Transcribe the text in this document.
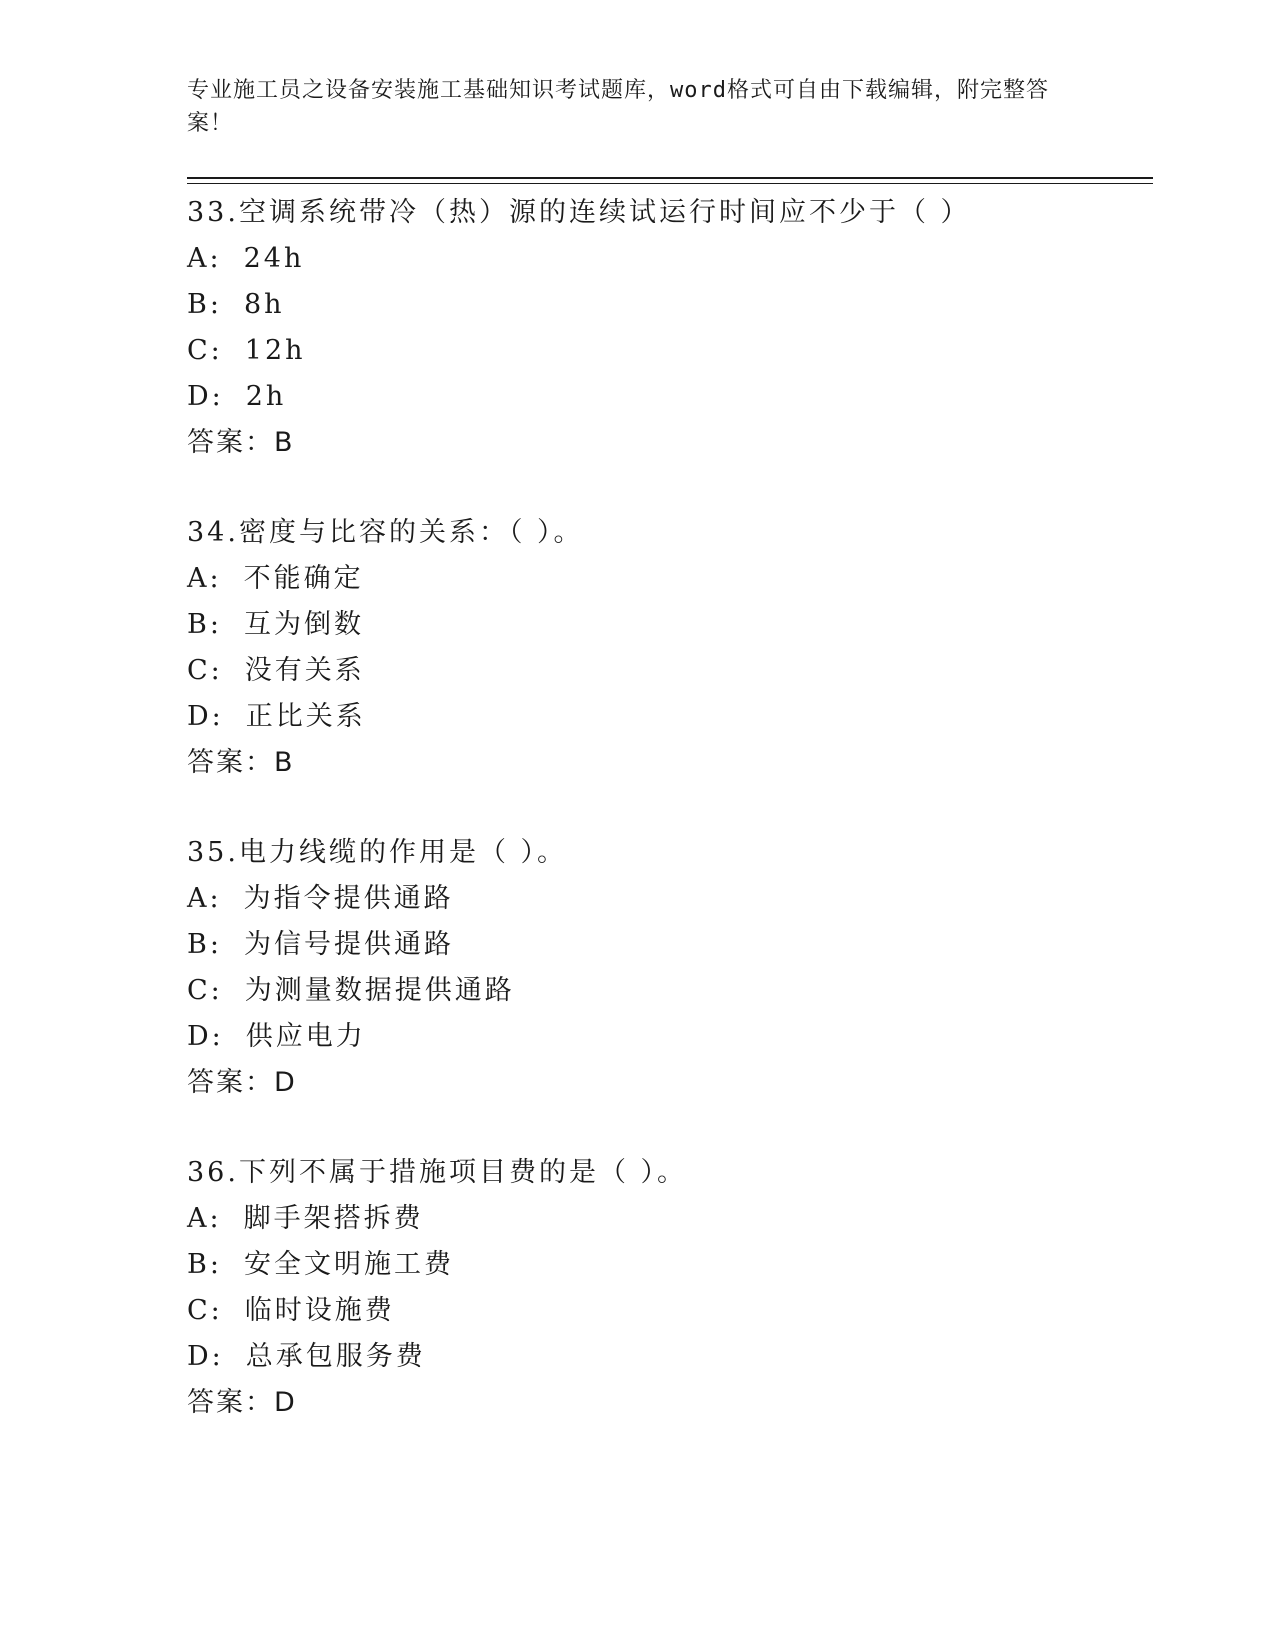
专业施工员之设备安装施工基础知识考试题库，word格式可自由下载编辑，附完整答案！
33.空调系统带冷（热）源的连续试运行时间应不少于（ ）
A: 24h
B: 8h
C: 12h
D: 2h
答案：B
34.密度与比容的关系：（ ）。
A: 不能确定
B: 互为倒数
C: 没有关系
D: 正比关系
答案：B
35.电力线缆的作用是（ ）。
A: 为指令提供通路
B: 为信号提供通路
C: 为测量数据提供通路
D: 供应电力
答案：D
36.下列不属于措施项目费的是（ ）。
A: 脚手架搭拆费
B: 安全文明施工费
C: 临时设施费
D: 总承包服务费
答案：D
